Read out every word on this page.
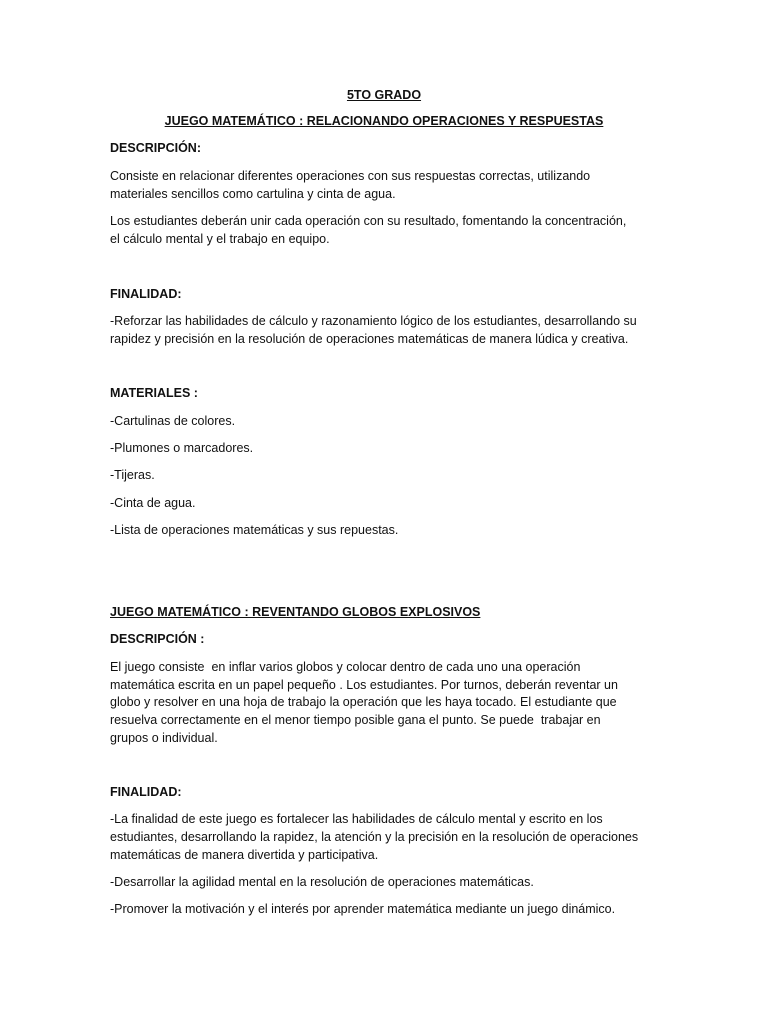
5TO GRADO

JUEGO MATEMÁTICO : RELACIONANDO OPERACIONES Y RESPUESTAS

DESCRIPCIÓN:

Consiste en relacionar diferentes operaciones con sus respuestas correctas, utilizando

materiales sencillos como cartulina y cinta de agua.

Los estudiantes deberán unir cada operación con su resultado, fomentando la concentración,

el cálculo mental y el trabajo en equipo.

FINALIDAD:

-Reforzar las habilidades de cálculo y razonamiento lógico de los estudiantes, desarrollando su

rapidez y precisión en la resolución de operaciones matemáticas de manera lúdica y creativa.

MATERIALES :

-Cartulinas de colores.

-Plumones o marcadores.

-Tijeras.

-Cinta de agua.

-Lista de operaciones matemáticas y sus repuestas.

JUEGO MATEMÁTICO : REVENTANDO GLOBOS EXPLOSIVOS

DESCRIPCIÓN :

El juego consiste  en inflar varios globos y colocar dentro de cada uno una operación

matemática escrita en un papel pequeño . Los estudiantes. Por turnos, deberán reventar un

globo y resolver en una hoja de trabajo la operación que les haya tocado. El estudiante que

resuelva correctamente en el menor tiempo posible gana el punto. Se puede  trabajar en

grupos o individual.

FINALIDAD:

-La finalidad de este juego es fortalecer las habilidades de cálculo mental y escrito en los

estudiantes, desarrollando la rapidez, la atención y la precisión en la resolución de operaciones

matemáticas de manera divertida y participativa.

-Desarrollar la agilidad mental en la resolución de operaciones matemáticas.

-Promover la motivación y el interés por aprender matemática mediante un juego dinámico.
